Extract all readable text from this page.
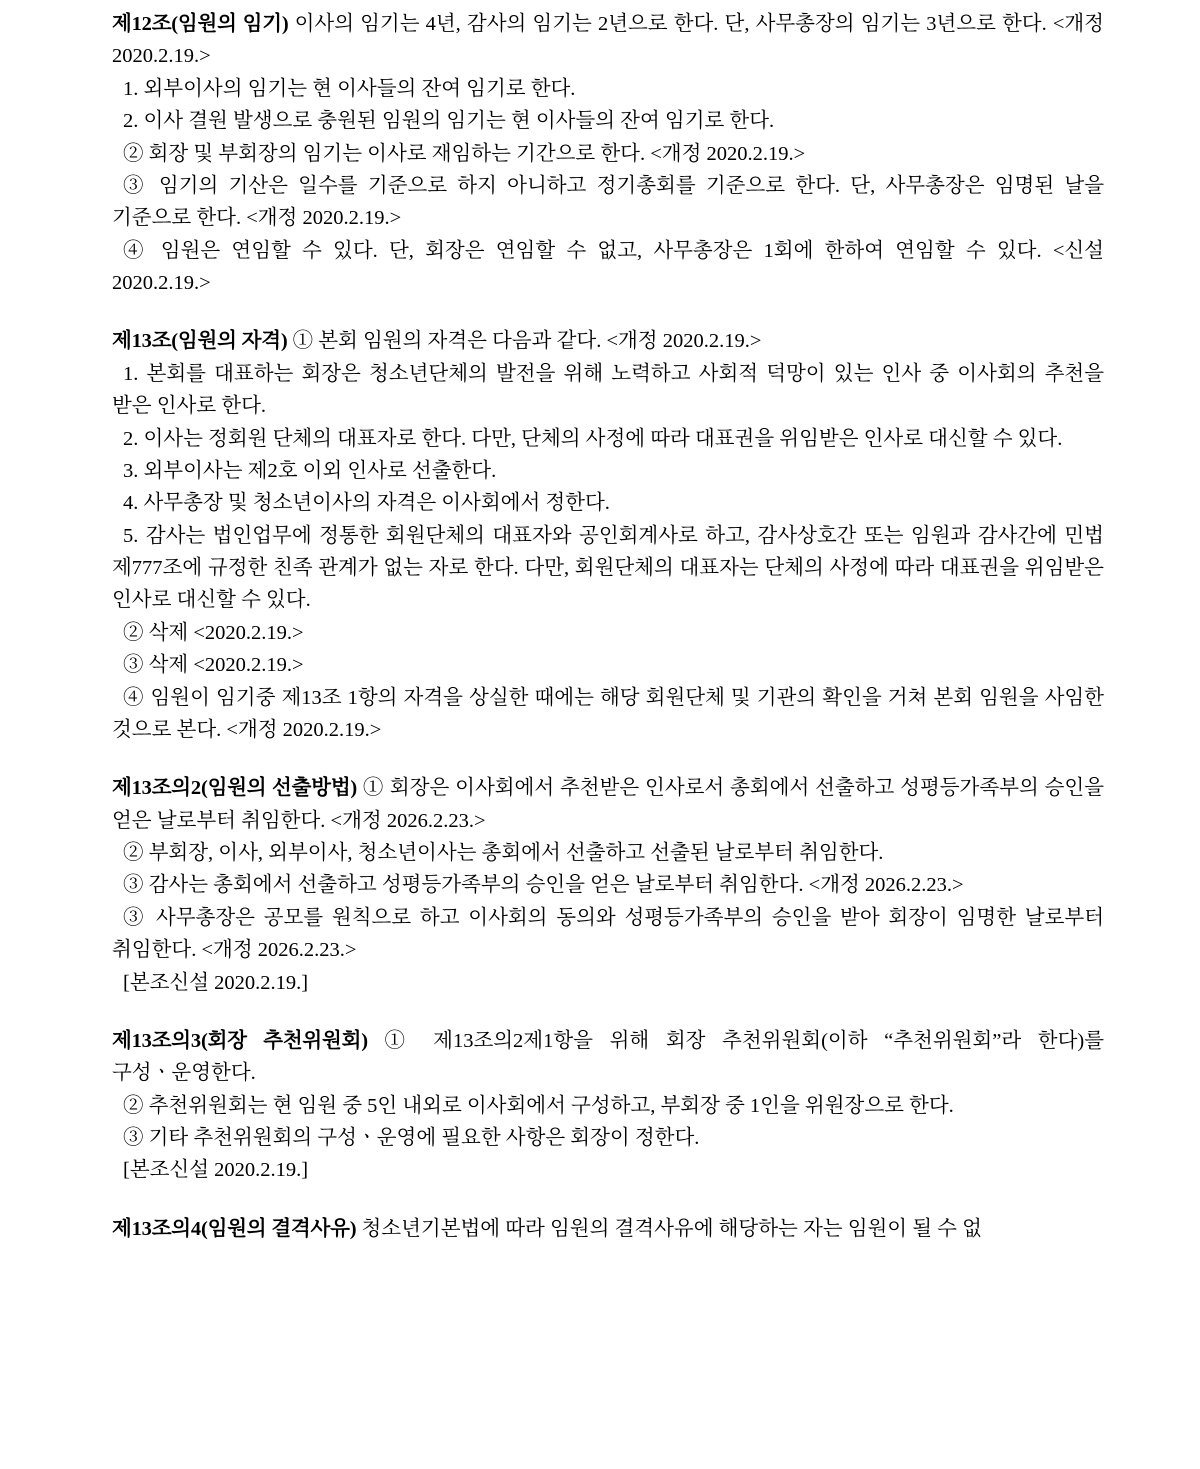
제12조(임원의 임기) 이사의 임기는 4년, 감사의 임기는 2년으로 한다. 단, 사무총장의 임기는 3년으로 한다. <개정 2020.2.19.>

1. 외부이사의 임기는 현 이사들의 잔여 임기로 한다.

2. 이사 결원 발생으로 충원된 임원의 임기는 현 이사들의 잔여 임기로 한다.

② 회장 및 부회장의 임기는 이사로 재임하는 기간으로 한다. <개정 2020.2.19.>

③ 임기의 기산은 일수를 기준으로 하지 아니하고 정기총회를 기준으로 한다. 단, 사무총장은 임명된 날을 기준으로 한다. <개정 2020.2.19.>

④ 임원은 연임할 수 있다. 단, 회장은 연임할 수 없고, 사무총장은 1회에 한하여 연임할 수 있다. <신설 2020.2.19.>

제13조(임원의 자격) ① 본회 임원의 자격은 다음과 같다. <개정 2020.2.19.>

1. 본회를 대표하는 회장은 청소년단체의 발전을 위해 노력하고 사회적 덕망이 있는 인사 중 이사회의 추천을 받은 인사로 한다.

2. 이사는 정회원 단체의 대표자로 한다. 다만, 단체의 사정에 따라 대표권을 위임받은 인사로 대신할 수 있다.

3. 외부이사는 제2호 이외 인사로 선출한다.

4. 사무총장 및 청소년이사의 자격은 이사회에서 정한다.

5. 감사는 법인업무에 정통한 회원단체의 대표자와 공인회계사로 하고, 감사상호간 또는 임원과 감사간에 민법 제777조에 규정한 친족 관계가 없는 자로 한다. 다만, 회원단체의 대표자는 단체의 사정에 따라 대표권을 위임받은 인사로 대신할 수 있다.

② 삭제 <2020.2.19.>

③ 삭제 <2020.2.19.>

④ 임원이 임기중 제13조 1항의 자격을 상실한 때에는 해당 회원단체 및 기관의 확인을 거쳐 본회 임원을 사임한 것으로 본다. <개정 2020.2.19.>

제13조의2(임원의 선출방법) ① 회장은 이사회에서 추천받은 인사로서 총회에서 선출하고 성평등가족부의 승인을 얻은 날로부터 취임한다. <개정 2026.2.23.>

② 부회장, 이사, 외부이사, 청소년이사는 총회에서 선출하고 선출된 날로부터 취임한다.

③ 감사는 총회에서 선출하고 성평등가족부의 승인을 얻은 날로부터 취임한다. <개정 2026.2.23.>

③ 사무총장은 공모를 원칙으로 하고 이사회의 동의와 성평등가족부의 승인을 받아 회장이 임명한 날로부터 취임한다. <개정 2026.2.23.>

[본조신설 2020.2.19.]

제13조의3(회장 추천위원회) ① 제13조의2제1항을 위해 회장 추천위원회(이하 “추천위원회”라 한다)를 구성ㆍ운영한다.

② 추천위원회는 현 임원 중 5인 내외로 이사회에서 구성하고, 부회장 중 1인을 위원장으로 한다.

③ 기타 추천위원회의 구성ㆍ운영에 필요한 사항은 회장이 정한다.

[본조신설 2020.2.19.]

제13조의4(임원의 결격사유) 청소년기본법에 따라 임원의 결격사유에 해당하는 자는 임원이 될 수 없
